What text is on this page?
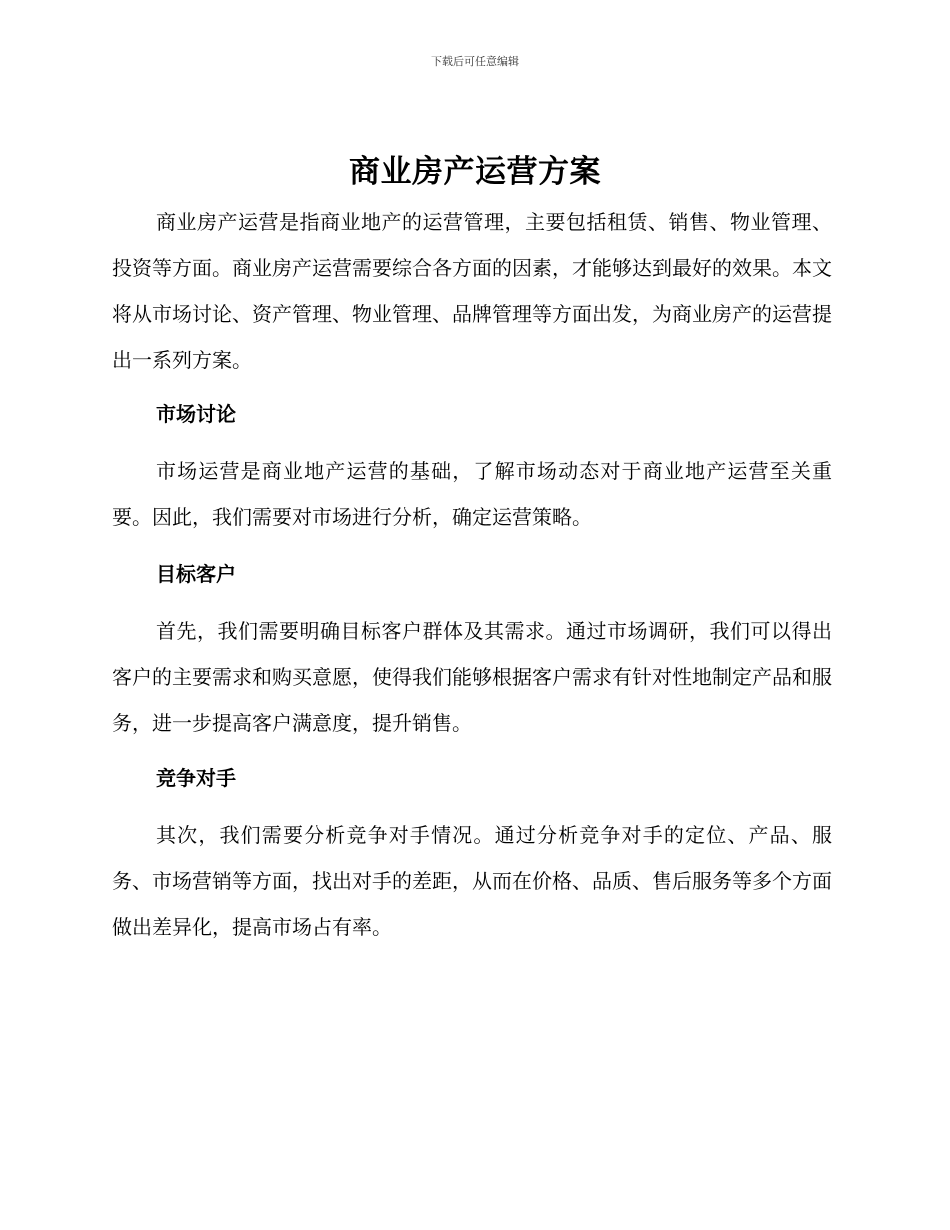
下载后可任意编辑
商业房产运营方案

商业房产运营是指商业地产的运营管理，主要包括租赁、销售、物业管理、投资等方面。商业房产运营需要综合各方面的因素，才能够达到最好的效果。本文将从市场讨论、资产管理、物业管理、品牌管理等方面出发，为商业房产的运营提出一系列方案。

市场讨论

市场运营是商业地产运营的基础，了解市场动态对于商业地产运营至关重要。因此，我们需要对市场进行分析，确定运营策略。

目标客户

首先，我们需要明确目标客户群体及其需求。通过市场调研，我们可以得出客户的主要需求和购买意愿，使得我们能够根据客户需求有针对性地制定产品和服务，进一步提高客户满意度，提升销售。

竞争对手

其次，我们需要分析竞争对手情况。通过分析竞争对手的定位、产品、服务、市场营销等方面，找出对手的差距，从而在价格、品质、售后服务等多个方面做出差异化，提高市场占有率。
